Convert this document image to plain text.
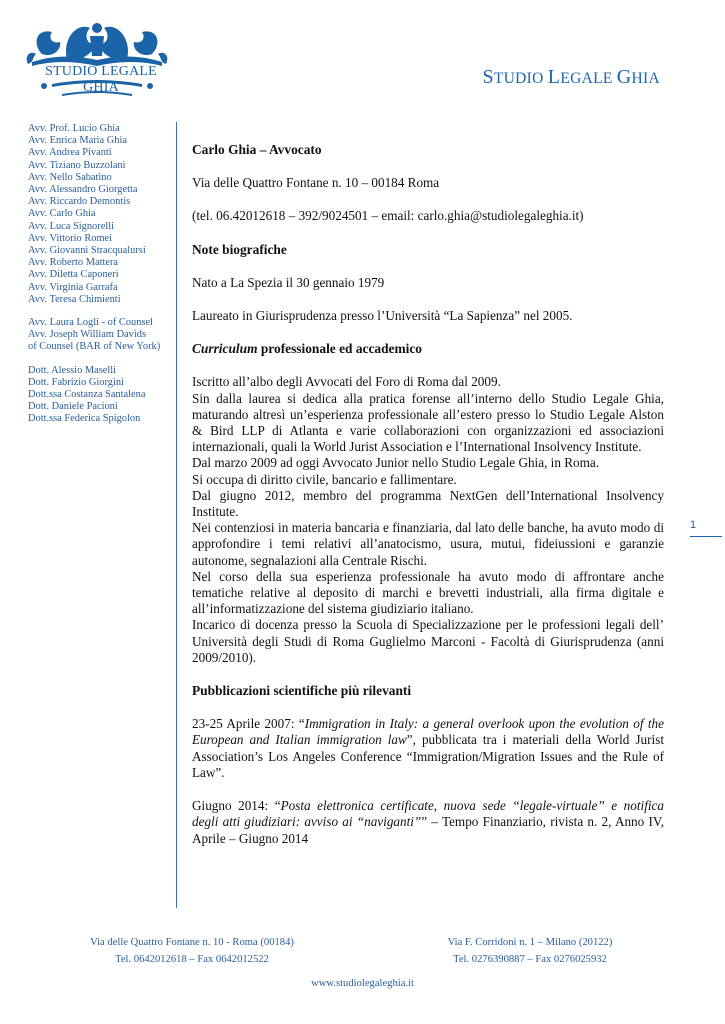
STUDIO LEGALE GHIA	STUDIO LEGALE GHIA
Avv. Prof. Lucio Ghia
Avv. Enrica Maria Ghia
Avv. Andrea Pivanti
Avv. Tiziano Buzzolani
Avv. Nello Sabatino
Avv. Alessandro Giorgetta
Avv. Riccardo Demontis
Avv. Carlo Ghia
Avv. Luca Signorelli
Avv. Vittorio Romei
Avv. Giovanni Stracqualursi
Avv. Roberto Mattera
Avv. Diletta Caponeri
Avv. Virginia Garrafa
Avv. Teresa Chimienti
Avv. Laura Logli - of Counsel
Avv. Joseph William Davids
of Counsel (BAR of New York)
Dott. Alessio Maselli
Dott. Fabrizio Giorgini
Dott.ssa Costanza Santalena
Dott. Daniele Pacioni
Dott.ssa Federica Spigolon
Carlo Ghia – Avvocato

Via delle Quattro Fontane n. 10 – 00184 Roma

(tel. 06.42012618 – 392/9024501 – email: carlo.ghia@studiolegaleghia.it)

Note biografiche

Nato a La Spezia il 30 gennaio 1979

Laureato in Giurisprudenza presso l’Università “La Sapienza” nel 2005.

Curriculum professionale ed accademico

Iscritto all’albo degli Avvocati del Foro di Roma dal 2009.

Sin dalla laurea si dedica alla pratica forense all’interno dello Studio Legale Ghia, maturando altresì un’esperienza professionale all’estero presso lo Studio Legale Alston & Bird LLP di Atlanta e varie collaborazioni con organizzazioni ed associazioni internazionali, quali la World Jurist Association e l’International Insolvency Institute.

Dal marzo 2009 ad oggi Avvocato Junior nello Studio Legale Ghia, in Roma.

Si occupa di diritto civile, bancario e fallimentare.

Dal giugno 2012, membro del programma NextGen dell’International Insolvency Institute.

Nei contenziosi in materia bancaria e finanziaria, dal lato delle banche, ha avuto modo di approfondire i temi relativi all’anatocismo, usura, mutui, fideiussioni e garanzie autonome, segnalazioni alla Centrale Rischi.

Nel corso della sua esperienza professionale ha avuto modo di affrontare anche tematiche relative al deposito di marchi e brevetti industriali, alla firma digitale e all’informatizzazione del sistema giudiziario italiano.

Incarico di docenza presso la Scuola di Specializzazione per le professioni legali dell’ Università degli Studi di Roma Guglielmo Marconi - Facoltà di Giurisprudenza (anni 2009/2010).

Pubblicazioni scientifiche più rilevanti

23-25 Aprile 2007: “Immigration in Italy: a general overlook upon the evolution of the European and Italian immigration law”, pubblicata tra i materiali della World Jurist Association’s Los Angeles Conference “Immigration/Migration Issues and the Rule of Law”.

Giugno 2014: “Posta elettronica certificate, nuova sede “legale-virtuale” e notifica degli atti giudiziari: avviso ai “naviganti”” – Tempo Finanziario, rivista n. 2, Anno IV, Aprile – Giugno 2014

1
Via delle Quattro Fontane n. 10 - Roma (00184)
Tel. 0642012618 – Fax 0642012522
Via F. Corridoni n. 1 – Milano (20122)
Tel. 0276390887 – Fax 0276025932
www.studiolegaleghia.it
